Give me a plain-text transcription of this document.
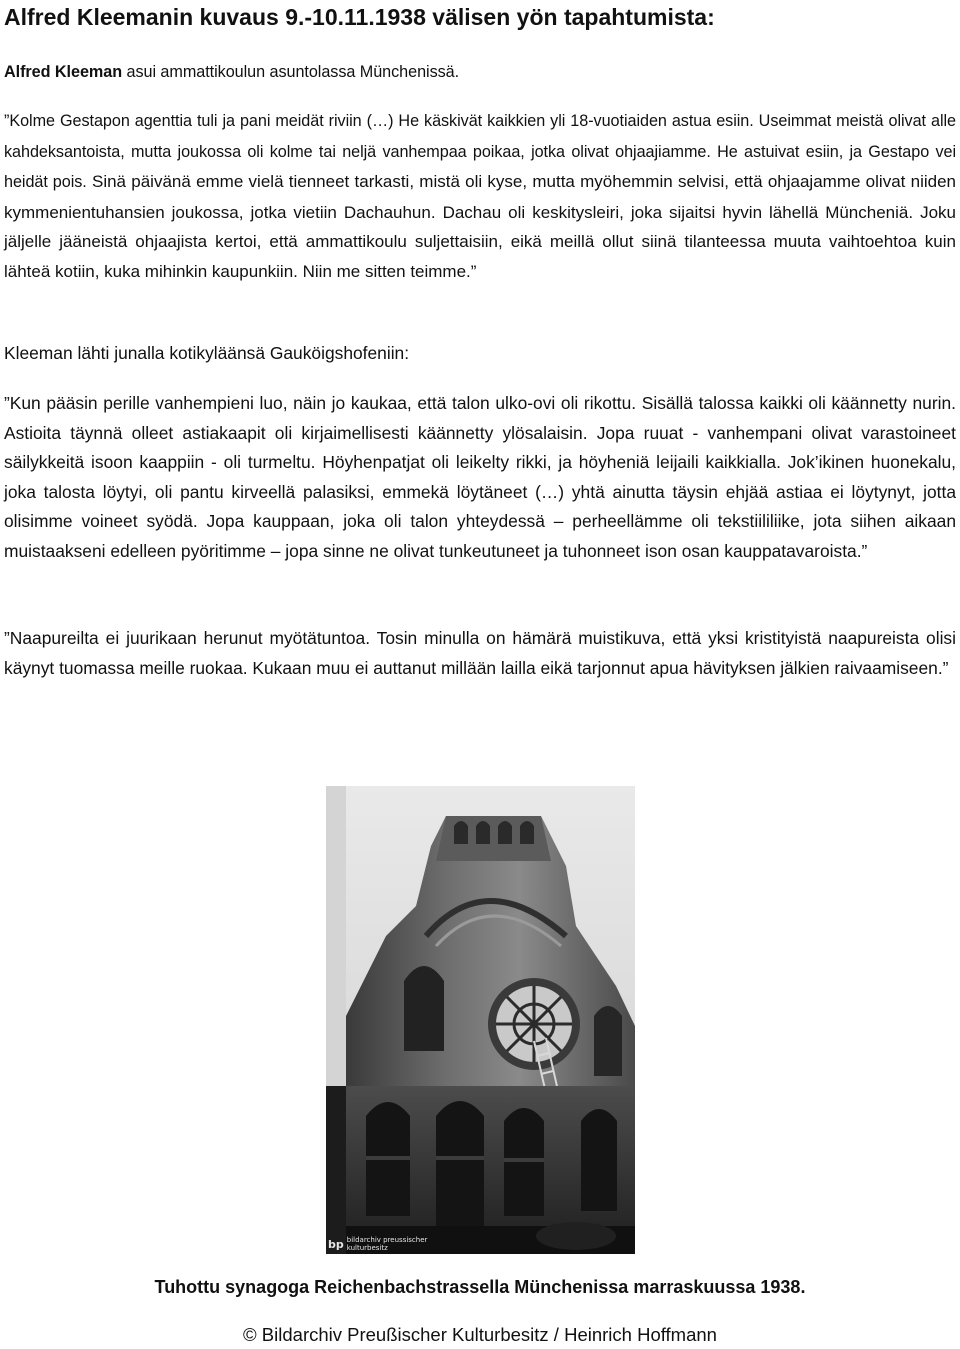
Alfred Kleemanin kuvaus 9.-10.11.1938 välisen yön tapahtumista:

Alfred Kleeman asui ammattikoulun asuntolassa Münchenissä.

”Kolme Gestapon agenttia tuli ja pani meidät riviin (…) He käskivät kaikkien yli 18-vuotiaiden astua esiin. Useimmat meistä olivat alle kahdeksantoista, mutta joukossa oli kolme tai neljä vanhempaa poikaa, jotka olivat ohjaajiamme. He astuivat esiin, ja Gestapo vei heidät pois. Sinä päivänä emme vielä tienneet tarkasti, mistä oli kyse, mutta myöhemmin selvisi, että ohjaajamme olivat niiden kymmenientuhansien joukossa, jotka vietiin Dachauhun. Dachau oli keskitysleiri, joka sijaitsi hyvin lähellä Müncheniä. Joku jäljelle jääneistä ohjaajista kertoi, että ammattikoulu suljettaisiin, eikä meillä ollut siinä tilanteessa muuta vaihtoehtoa kuin lähteä kotiin, kuka mihinkin kaupunkiin. Niin me sitten teimme.”

Kleeman lähti junalla kotikyläänsä Gauköigshofeniin:

”Kun pääsin perille vanhempieni luo, näin jo kaukaa, että talon ulko-ovi oli rikottu. Sisällä talossa kaikki oli käännetty nurin. Astioita täynnä olleet astiakaapit oli kirjaimellisesti käännetty ylösalaisin. Jopa ruuat - vanhempani olivat varastoineet säilykkeitä isoon kaappiin - oli turmeltu. Höyhenpatjat oli leikelty rikki, ja höyheniä leijaili kaikkialla. Jok’ikinen huonekalu, joka talosta löytyi, oli pantu kirveellä palasiksi, emmekä löytäneet (…) yhtä ainutta täysin ehjää astiaa ei löytynyt, jotta olisimme voineet syödä. Jopa kauppaan, joka oli talon yhteydessä – perheellämme oli tekstiililiike, jota siihen aikaan muistaakseni edelleen pyöritimme – jopa sinne ne olivat tunkeutuneet ja tuhonneet ison osan kauppatavaroista.”

”Naapureilta ei juurikaan herunut myötätuntoa. Tosin minulla on hämärä muistikuva, että yksi kristityistä naapureista olisi käynyt tuomassa meille ruokaa. Kukaan muu ei auttanut millään lailla eikä tarjonnut apua hävityksen jälkien raivaamiseen.”

bp bildarchiv preussischer
kulturbesitz

Tuhottu synagoga Reichenbachstrassella Münchenissa marraskuussa 1938.

© Bildarchiv Preußischer Kulturbesitz / Heinrich Hoffmann
